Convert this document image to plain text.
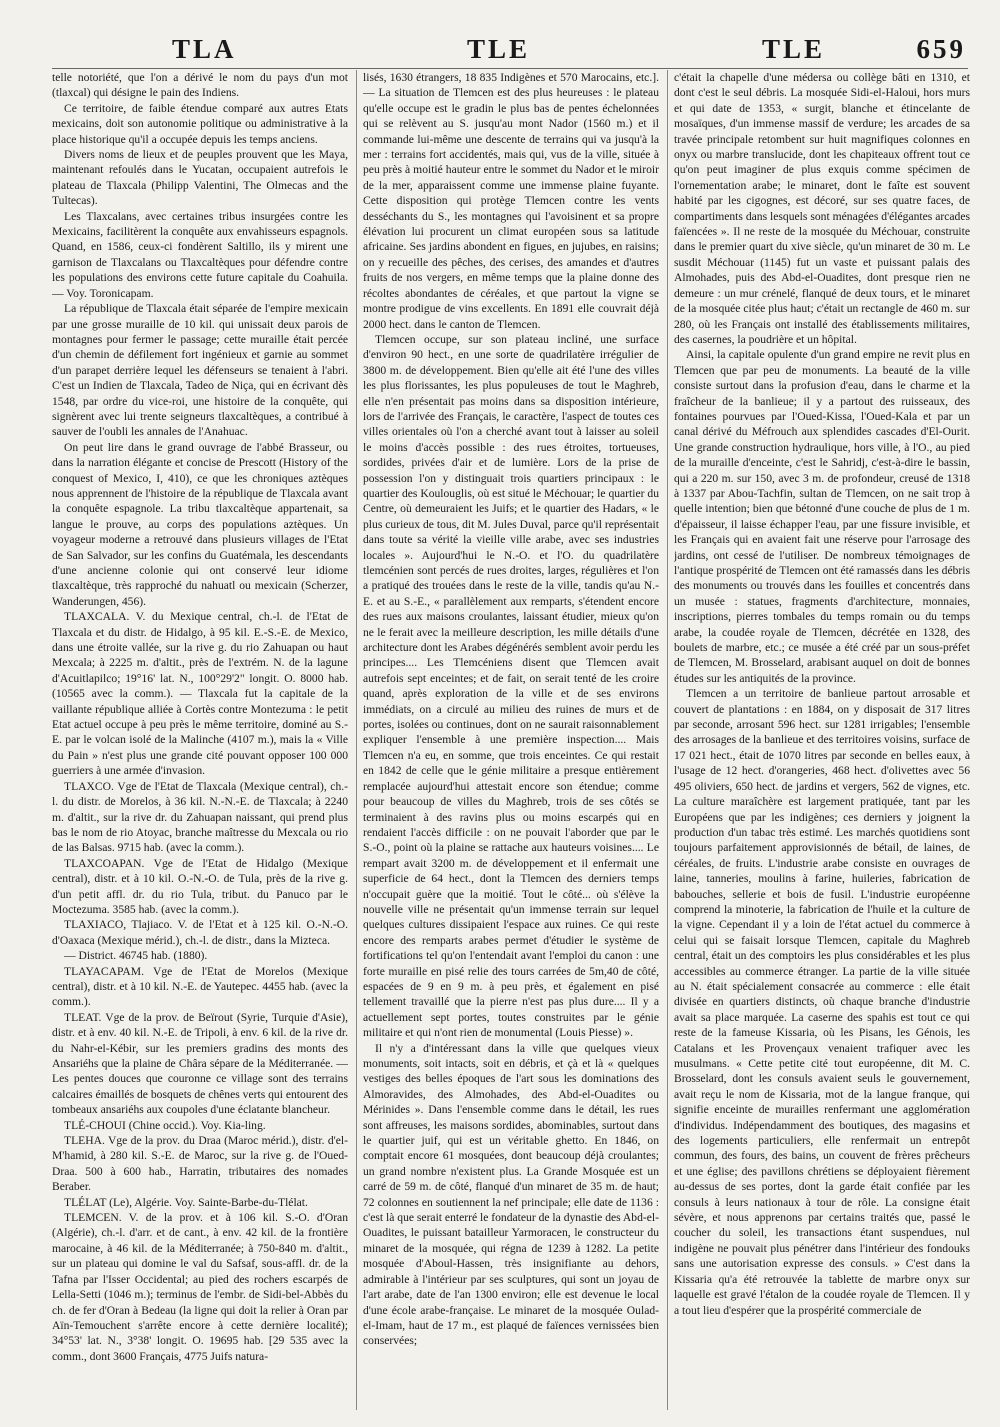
TLA	TLE	TLE	659

telle notoriété, que l'on a dérivé le nom du pays d'un mot (tlaxcal) qui désigne le pain des Indiens.

Ce territoire, de faible étendue comparé aux autres Etats mexicains, doit son autonomie politique ou administrative à la place historique qu'il a occupée depuis les temps anciens.

Divers noms de lieux et de peuples prouvent que les Maya, maintenant refoulés dans le Yucatan, occupaient autrefois le plateau de Tlaxcala (Philipp Valentini, The Olmecas and the Tultecas).

Les Tlaxcalans, avec certaines tribus insurgées contre les Mexicains, facilitèrent la conquête aux envahisseurs espagnols. Quand, en 1586, ceux-ci fondèrent Saltillo, ils y mirent une garnison de Tlaxcalans ou Tlaxcaltèques pour défendre contre les populations des environs cette future capitale du Coahuila. — Voy. Toronicapam.

La république de Tlaxcala était séparée de l'empire mexicain par une grosse muraille de 10 kil. qui unissait deux parois de montagnes pour fermer le passage; cette muraille était percée d'un chemin de défilement fort ingénieux et garnie au sommet d'un parapet derrière lequel les défenseurs se tenaient à l'abri. C'est un Indien de Tlaxcala, Tadeo de Niça, qui en écrivant dès 1548, par ordre du vice-roi, une histoire de la conquête, qui signèrent avec lui trente seigneurs tlaxcaltèques, a contribué à sauver de l'oubli les annales de l'Anahuac.

On peut lire dans le grand ouvrage de l'abbé Brasseur, ou dans la narration élégante et concise de Prescott (History of the conquest of Mexico, I, 410), ce que les chroniques aztèques nous apprennent de l'histoire de la république de Tlaxcala avant la conquête espagnole. La tribu tlaxcaltèque appartenait, sa langue le prouve, au corps des populations aztèques. Un voyageur moderne a retrouvé dans plusieurs villages de l'Etat de San Salvador, sur les confins du Guatémala, les descendants d'une ancienne colonie qui ont conservé leur idiome tlaxcaltèque, très rapproché du nahuatl ou mexicain (Scherzer, Wanderungen, 456).

TLAXCALA. V. du Mexique central, ch.-l. de l'Etat de Tlaxcala et du distr. de Hidalgo, à 95 kil. E.-S.-E. de Mexico, dans une étroite vallée, sur la rive g. du rio Zahuapan ou haut Mexcala; à 2225 m. d'altit., près de l'extrém. N. de la lagune d'Acuitlapilco; 19°16' lat. N., 100°29'2" longit. O. 8000 hab. (10565 avec la comm.). — Tlaxcala fut la capitale de la vaillante république alliée à Cortès contre Montezuma : le petit Etat actuel occupe à peu près le même territoire, dominé au S.-E. par le volcan isolé de la Malinche (4107 m.), mais la « Ville du Pain » n'est plus une grande cité pouvant opposer 100 000 guerriers à une armée d'invasion.

TLAXCO. Vge de l'Etat de Tlaxcala (Mexique central), ch.-l. du distr. de Morelos, à 36 kil. N.-N.-E. de Tlaxcala; à 2240 m. d'altit., sur la rive dr. du Zahuapan naissant, qui prend plus bas le nom de rio Atoyac, branche maîtresse du Mexcala ou rio de las Balsas. 9715 hab. (avec la comm.).

TLAXCOAPAN. Vge de l'Etat de Hidalgo (Mexique central), distr. et à 10 kil. O.-N.-O. de Tula, près de la rive g. d'un petit affl. dr. du rio Tula, tribut. du Panuco par le Moctezuma. 3585 hab. (avec la comm.).

TLAXIACO, Tlajiaco. V. de l'Etat et à 125 kil. O.-N.-O. d'Oaxaca (Mexique mérid.), ch.-l. de distr., dans la Mizteca.

— District. 46745 hab. (1880).

TLAYACAPAM. Vge de l'Etat de Morelos (Mexique central), distr. et à 10 kil. N.-E. de Yautepec. 4455 hab. (avec la comm.).

TLEAT. Vge de la prov. de Beïrout (Syrie, Turquie d'Asie), distr. et à env. 40 kil. N.-E. de Tripoli, à env. 6 kil. de la rive dr. du Nahr-el-Kébir, sur les premiers gradins des monts des Ansariéhs que la plaine de Châra sépare de la Méditerranée. — Les pentes douces que couronne ce village sont des terrains calcaires émaillés de bosquets de chênes verts qui entourent des tombeaux ansariéhs aux coupoles d'une éclatante blancheur.

TLÉ-CHOUI (Chine occid.). Voy. Kia-ling.

TLEHA. Vge de la prov. du Draa (Maroc mérid.), distr. d'el-M'hamid, à 280 kil. S.-E. de Maroc, sur la rive g. de l'Oued-Draa. 500 à 600 hab., Harratin, tributaires des nomades Beraber.

TLÉLAT (Le), Algérie. Voy. Sainte-Barbe-du-Tlélat.

TLEMCEN. V. de la prov. et à 106 kil. S.-O. d'Oran (Algérie), ch.-l. d'arr. et de cant., à env. 42 kil. de la frontière marocaine, à 46 kil. de la Méditerranée; à 750-840 m. d'altit., sur un plateau qui domine le val du Safsaf, sous-affl. dr. de la Tafna par l'Isser Occidental; au pied des rochers escarpés de Lella-Setti (1046 m.); terminus de l'embr. de Sidi-bel-Abbès du ch. de fer d'Oran à Bedeau (la ligne qui doit la relier à Oran par Aïn-Temouchent s'arrête encore à cette dernière localité); 34°53' lat. N., 3°38' longit. O. 19695 hab. [29 535 avec la comm., dont 3600 Français, 4775 Juifs natura-

lisés, 1630 étrangers, 18 835 Indigènes et 570 Marocains, etc.]. — La situation de Tlemcen est des plus heureuses : le plateau qu'elle occupe est le gradin le plus bas de pentes échelonnées qui se relèvent au S. jusqu'au mont Nador (1560 m.) et il commande lui-même une descente de terrains qui va jusqu'à la mer : terrains fort accidentés, mais qui, vus de la ville, située à peu près à moitié hauteur entre le sommet du Nador et le miroir de la mer, apparaissent comme une immense plaine fuyante. Cette disposition qui protège Tlemcen contre les vents desséchants du S., les montagnes qui l'avoisinent et sa propre élévation lui procurent un climat européen sous sa latitude africaine. Ses jardins abondent en figues, en jujubes, en raisins; on y recueille des pêches, des cerises, des amandes et d'autres fruits de nos vergers, en même temps que la plaine donne des récoltes abondantes de céréales, et que partout la vigne se montre prodigue de vins excellents. En 1891 elle couvrait déjà 2000 hect. dans le canton de Tlemcen.

Tlemcen occupe, sur son plateau incliné, une surface d'environ 90 hect., en une sorte de quadrilatère irrégulier de 3800 m. de développement. Bien qu'elle ait été l'une des villes les plus florissantes, les plus populeuses de tout le Maghreb, elle n'en présentait pas moins dans sa disposition intérieure, lors de l'arrivée des Français, le caractère, l'aspect de toutes ces villes orientales où l'on a cherché avant tout à laisser au soleil le moins d'accès possible : des rues étroites, tortueuses, sordides, privées d'air et de lumière. Lors de la prise de possession l'on y distinguait trois quartiers principaux : le quartier des Koulouglis, où est situé le Méchouar; le quartier du Centre, où demeuraient les Juifs; et le quartier des Hadars, « le plus curieux de tous, dit M. Jules Duval, parce qu'il représentait dans toute sa vérité la vieille ville arabe, avec ses industries locales ». Aujourd'hui le N.-O. et l'O. du quadrilatère tlemcénien sont percés de rues droites, larges, régulières et l'on a pratiqué des trouées dans le reste de la ville, tandis qu'au N.-E. et au S.-E., « parallèlement aux remparts, s'étendent encore des rues aux maisons croulantes, laissant étudier, mieux qu'on ne le ferait avec la meilleure description, les mille détails d'une architecture dont les Arabes dégénérés semblent avoir perdu les principes.... Les Tlemcéniens disent que Tlemcen avait autrefois sept enceintes; et de fait, on serait tenté de les croire quand, après exploration de la ville et de ses environs immédiats, on a circulé au milieu des ruines de murs et de portes, isolées ou continues, dont on ne saurait raisonnablement expliquer l'ensemble à une première inspection.... Mais Tlemcen n'a eu, en somme, que trois enceintes. Ce qui restait en 1842 de celle que le génie militaire a presque entièrement remplacée aujourd'hui attestait encore son étendue; comme pour beaucoup de villes du Maghreb, trois de ses côtés se terminaient à des ravins plus ou moins escarpés qui en rendaient l'accès difficile : on ne pouvait l'aborder que par le S.-O., point où la plaine se rattache aux hauteurs voisines.... Le rempart avait 3200 m. de développement et il enfermait une superficie de 64 hect., dont la Tlemcen des derniers temps n'occupait guère que la moitié. Tout le côté... où s'élève la nouvelle ville ne présentait qu'un immense terrain sur lequel quelques cultures dissipaient l'espace aux ruines. Ce qui reste encore des remparts arabes permet d'étudier le système de fortifications tel qu'on l'entendait avant l'emploi du canon : une forte muraille en pisé relie des tours carrées de 5m,40 de côté, espacées de 9 en 9 m. à peu près, et également en pisé tellement travaillé que la pierre n'est pas plus dure.... Il y a actuellement sept portes, toutes construites par le génie militaire et qui n'ont rien de monumental (Louis Piesse) ».

Il n'y a d'intéressant dans la ville que quelques vieux monuments, soit intacts, soit en débris, et çà et là « quelques vestiges des belles époques de l'art sous les dominations des Almoravides, des Almohades, des Abd-el-Ouadites ou Mérinides ». Dans l'ensemble comme dans le détail, les rues sont affreuses, les maisons sordides, abominables, surtout dans le quartier juif, qui est un véritable ghetto. En 1846, on comptait encore 61 mosquées, dont beaucoup déjà croulantes; un grand nombre n'existent plus. La Grande Mosquée est un carré de 59 m. de côté, flanqué d'un minaret de 35 m. de haut; 72 colonnes en soutiennent la nef principale; elle date de 1136 : c'est là que serait enterré le fondateur de la dynastie des Abd-el-Ouadites, le puissant batailleur Yarmoracen, le constructeur du minaret de la mosquée, qui régna de 1239 à 1282. La petite mosquée d'Aboul-Hassen, très insignifiante au dehors, admirable à l'intérieur par ses sculptures, qui sont un joyau de l'art arabe, date de l'an 1300 environ; elle est devenue le local d'une école arabe-française. Le minaret de la mosquée Oulad-el-Imam, haut de 17 m., est plaqué de faïences vernissées bien conservées;

c'était la chapelle d'une médersa ou collège bâti en 1310, et dont c'est le seul débris. La mosquée Sidi-el-Haloui, hors murs et qui date de 1353, « surgit, blanche et étincelante de mosaïques, d'un immense massif de verdure; les arcades de sa travée principale retombent sur huit magnifiques colonnes en onyx ou marbre translucide, dont les chapiteaux offrent tout ce qu'on peut imaginer de plus exquis comme spécimen de l'ornementation arabe; le minaret, dont le faîte est souvent habité par les cigognes, est décoré, sur ses quatre faces, de compartiments dans lesquels sont ménagées d'élégantes arcades faïencées ». Il ne reste de la mosquée du Méchouar, construite dans le premier quart du xive siècle, qu'un minaret de 30 m. Le susdit Méchouar (1145) fut un vaste et puissant palais des Almohades, puis des Abd-el-Ouadites, dont presque rien ne demeure : un mur crénelé, flanqué de deux tours, et le minaret de la mosquée citée plus haut; c'était un rectangle de 460 m. sur 280, où les Français ont installé des établissements militaires, des casernes, la poudrière et un hôpital.

Ainsi, la capitale opulente d'un grand empire ne revit plus en Tlemcen que par peu de monuments. La beauté de la ville consiste surtout dans la profusion d'eau, dans le charme et la fraîcheur de la banlieue; il y a partout des ruisseaux, des fontaines pourvues par l'Oued-Kissa, l'Oued-Kala et par un canal dérivé du Méfrouch aux splendides cascades d'El-Ourit. Une grande construction hydraulique, hors ville, à l'O., au pied de la muraille d'enceinte, c'est le Sahridj, c'est-à-dire le bassin, qui a 220 m. sur 150, avec 3 m. de profondeur, creusé de 1318 à 1337 par Abou-Tachfin, sultan de Tlemcen, on ne sait trop à quelle intention; bien que bétonné d'une couche de plus de 1 m. d'épaisseur, il laisse échapper l'eau, par une fissure invisible, et les Français qui en avaient fait une réserve pour l'arrosage des jardins, ont cessé de l'utiliser. De nombreux témoignages de l'antique prospérité de Tlemcen ont été ramassés dans les débris des monuments ou trouvés dans les fouilles et concentrés dans un musée : statues, fragments d'architecture, monnaies, inscriptions, pierres tombales du temps romain ou du temps arabe, la coudée royale de Tlemcen, décrétée en 1328, des boulets de marbre, etc.; ce musée a été créé par un sous-préfet de Tlemcen, M. Brosselard, arabisant auquel on doit de bonnes études sur les antiquités de la province.

Tlemcen a un territoire de banlieue partout arrosable et couvert de plantations : en 1884, on y disposait de 317 litres par seconde, arrosant 596 hect. sur 1281 irrigables; l'ensemble des arrosages de la banlieue et des territoires voisins, surface de 17 021 hect., était de 1070 litres par seconde en belles eaux, à l'usage de 12 hect. d'orangeries, 468 hect. d'olivettes avec 56 495 oliviers, 650 hect. de jardins et vergers, 562 de vignes, etc. La culture maraîchère est largement pratiquée, tant par les Européens que par les indigènes; ces derniers y joignent la production d'un tabac très estimé. Les marchés quotidiens sont toujours parfaitement approvisionnés de bétail, de laines, de céréales, de fruits. L'industrie arabe consiste en ouvrages de laine, tanneries, moulins à farine, huileries, fabrication de babouches, sellerie et bois de fusil. L'industrie européenne comprend la minoterie, la fabrication de l'huile et la culture de la vigne. Cependant il y a loin de l'état actuel du commerce à celui qui se faisait lorsque Tlemcen, capitale du Maghreb central, était un des comptoirs les plus considérables et les plus accessibles au commerce étranger. La partie de la ville située au N. était spécialement consacrée au commerce : elle était divisée en quartiers distincts, où chaque branche d'industrie avait sa place marquée. La caserne des spahis est tout ce qui reste de la fameuse Kissaria, où les Pisans, les Génois, les Catalans et les Provençaux venaient trafiquer avec les musulmans. « Cette petite cité tout européenne, dit M. C. Brosselard, dont les consuls avaient seuls le gouvernement, avait reçu le nom de Kissaria, mot de la langue franque, qui signifie enceinte de murailles renfermant une agglomération d'individus. Indépendamment des boutiques, des magasins et des logements particuliers, elle renfermait un entrepôt commun, des fours, des bains, un couvent de frères prêcheurs et une église; des pavillons chrétiens se déployaient fièrement au-dessus de ses portes, dont la garde était confiée par les consuls à leurs nationaux à tour de rôle. La consigne était sévère, et nous apprenons par certains traités que, passé le coucher du soleil, les transactions étant suspendues, nul indigène ne pouvait plus pénétrer dans l'intérieur des fondouks sans une autorisation expresse des consuls. » C'est dans la Kissaria qu'a été retrouvée la tablette de marbre onyx sur laquelle est gravé l'étalon de la coudée royale de Tlemcen. Il y a tout lieu d'espérer que la prospérité commerciale de
